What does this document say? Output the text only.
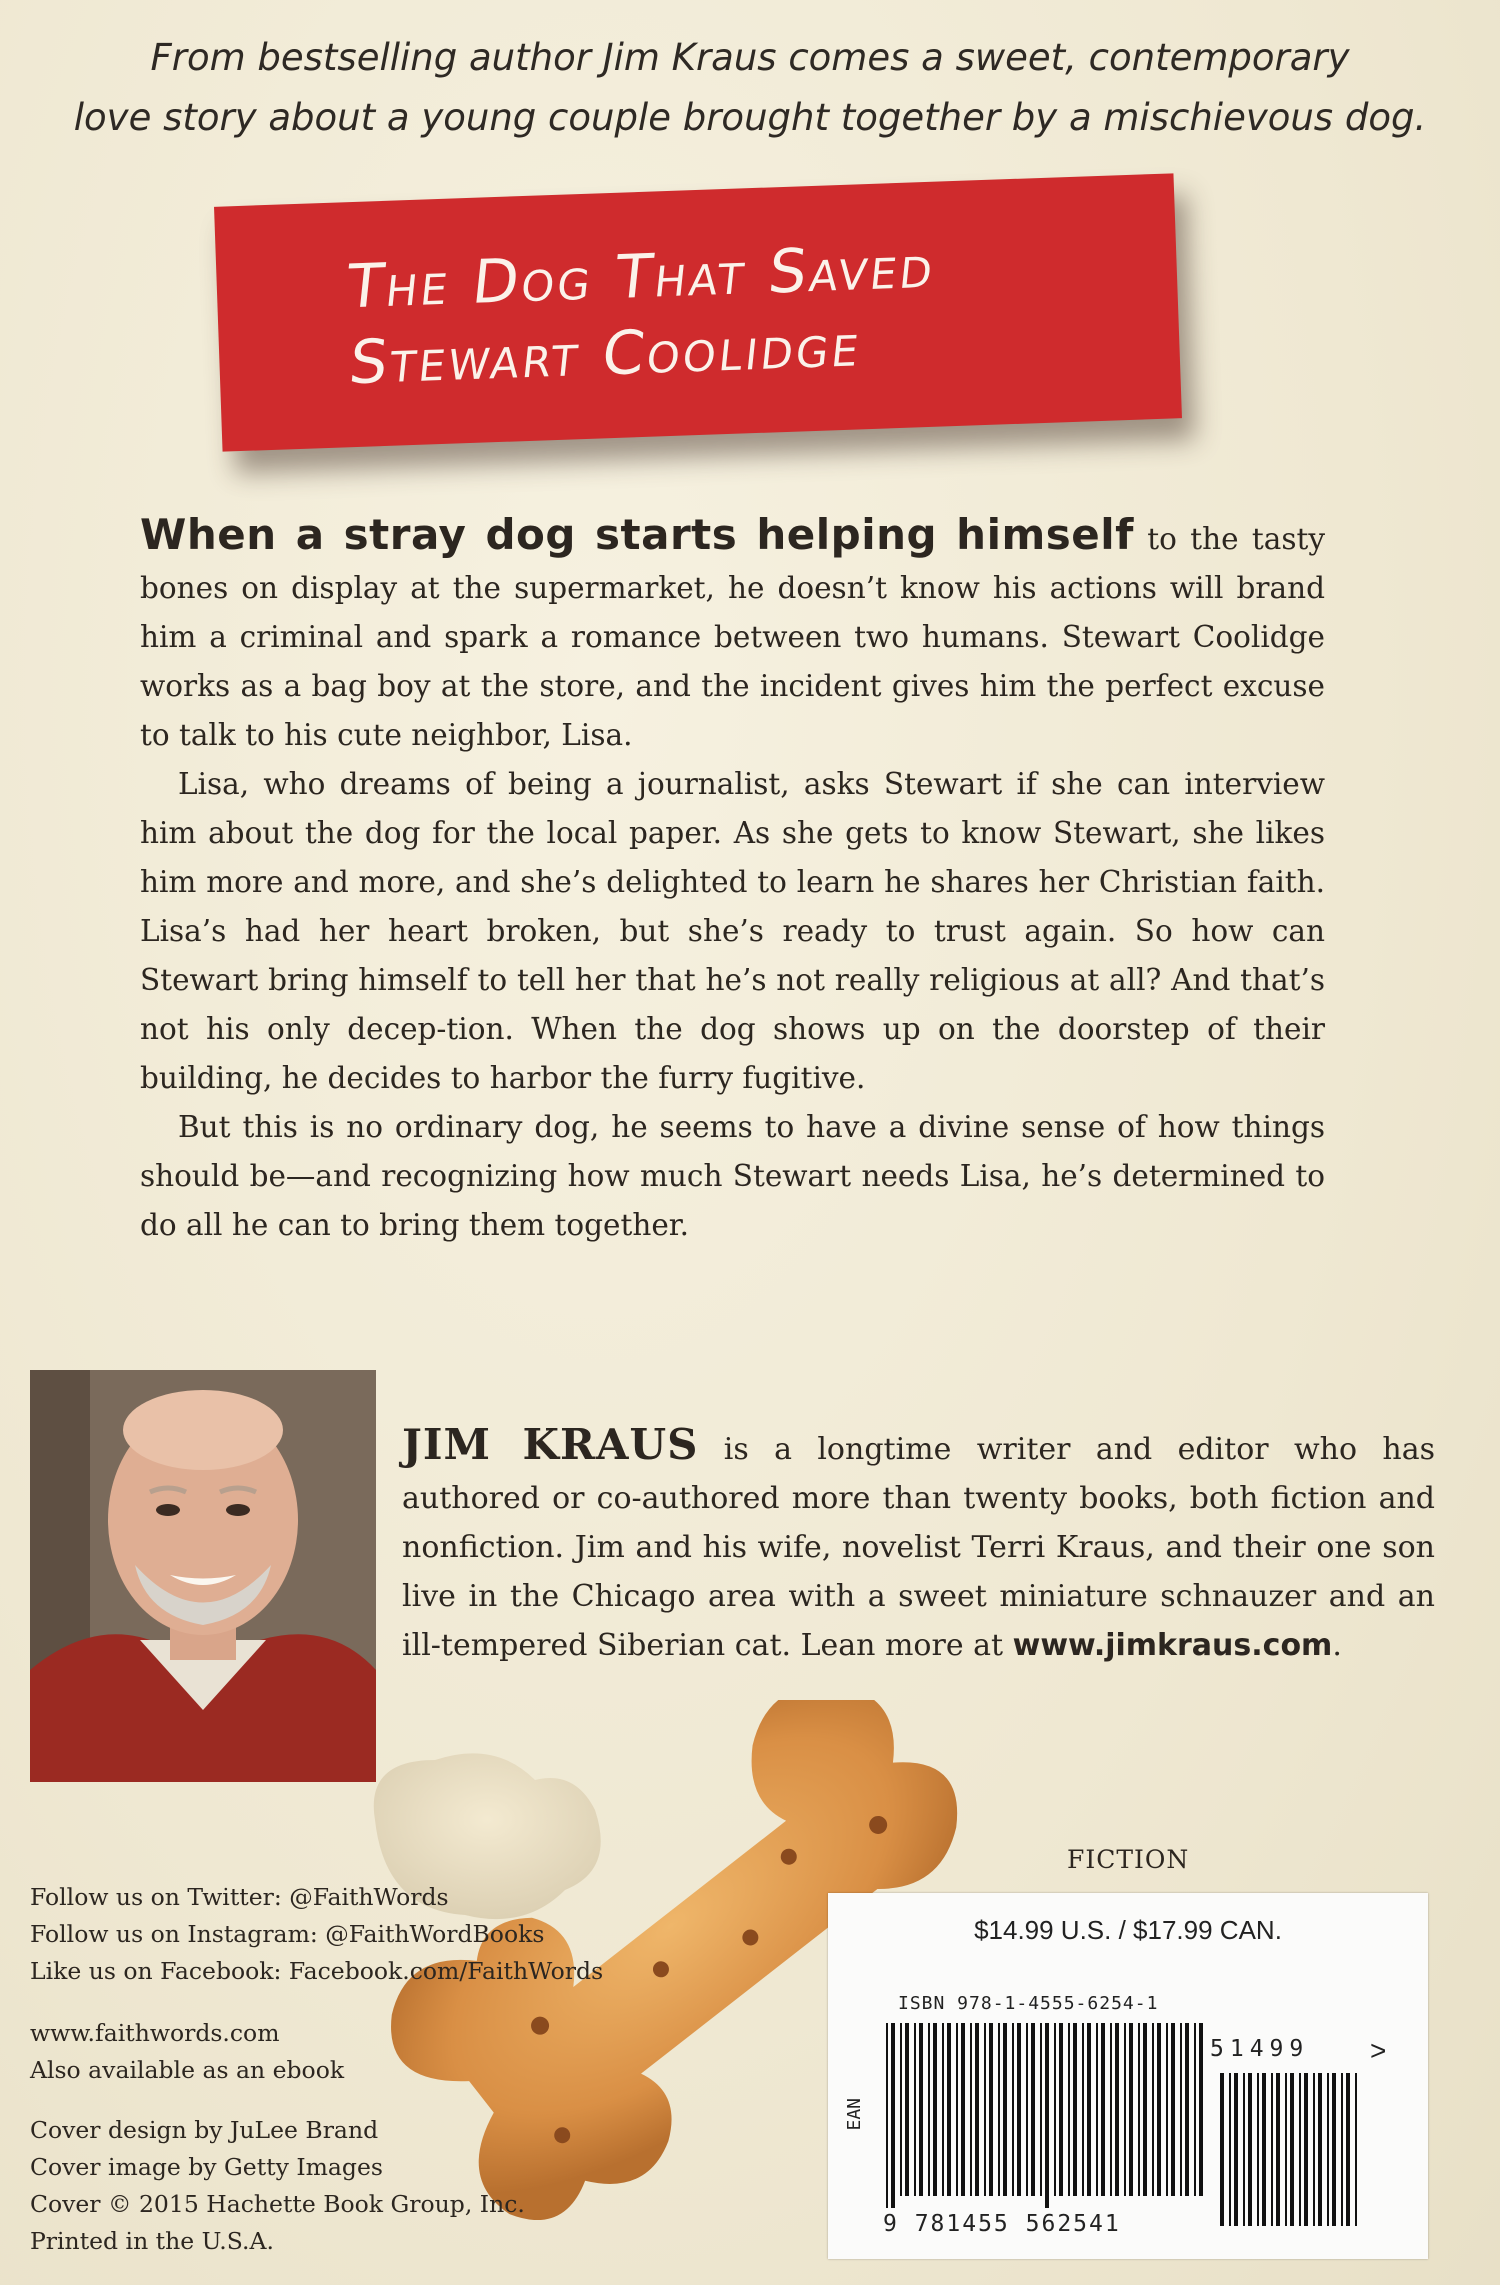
From bestselling author Jim Kraus comes a sweet, contemporary
love story about a young couple brought together by a mischievous dog.
The Dog That Saved
Stewart Coolidge

When a stray dog starts helping himself to the tasty bones on display at the supermarket, he doesn’t know his actions will brand him a criminal and spark a romance between two humans. Stewart Coolidge works as a bag boy at the store, and the incident gives him the perfect excuse to talk to his cute neighbor, Lisa.

Lisa, who dreams of being a journalist, asks Stewart if she can interview him about the dog for the local paper. As she gets to know Stewart, she likes him more and more, and she’s delighted to learn he shares her Christian faith. Lisa’s had her heart broken, but she’s ready to trust again. So how can Stewart bring himself to tell her that he’s not really religious at all? And that’s not his only decep-tion. When the dog shows up on the doorstep of their building, he decides to harbor the furry fugitive.

But this is no ordinary dog, he seems to have a divine sense of how things should be—and recognizing how much Stewart needs Lisa, he’s determined to do all he can to bring them together.

JIM KRAUS is a longtime writer and editor who has authored or co-authored more than twenty books, both fiction and nonfiction. Jim and his wife, novelist Terri Kraus, and their one son live in the Chicago area with a sweet miniature schnauzer and an ill-tempered Siberian cat. Lean more at www.jimkraus.com.
Follow us on Twitter: @FaithWords
Follow us on Instagram: @FaithWordBooks
Like us on Facebook: Facebook.com/FaithWords
www.faithwords.com
Also available as an ebook
Cover design by JuLee Brand
Cover image by Getty Images
Cover © 2015 Hachette Book Group, Inc.
Printed in the U.S.A.
FICTION
$14.99 U.S. / $17.99 CAN.
ISBN 978-1-4555-6254-1
EAN
9 781455 562541
51499 >
